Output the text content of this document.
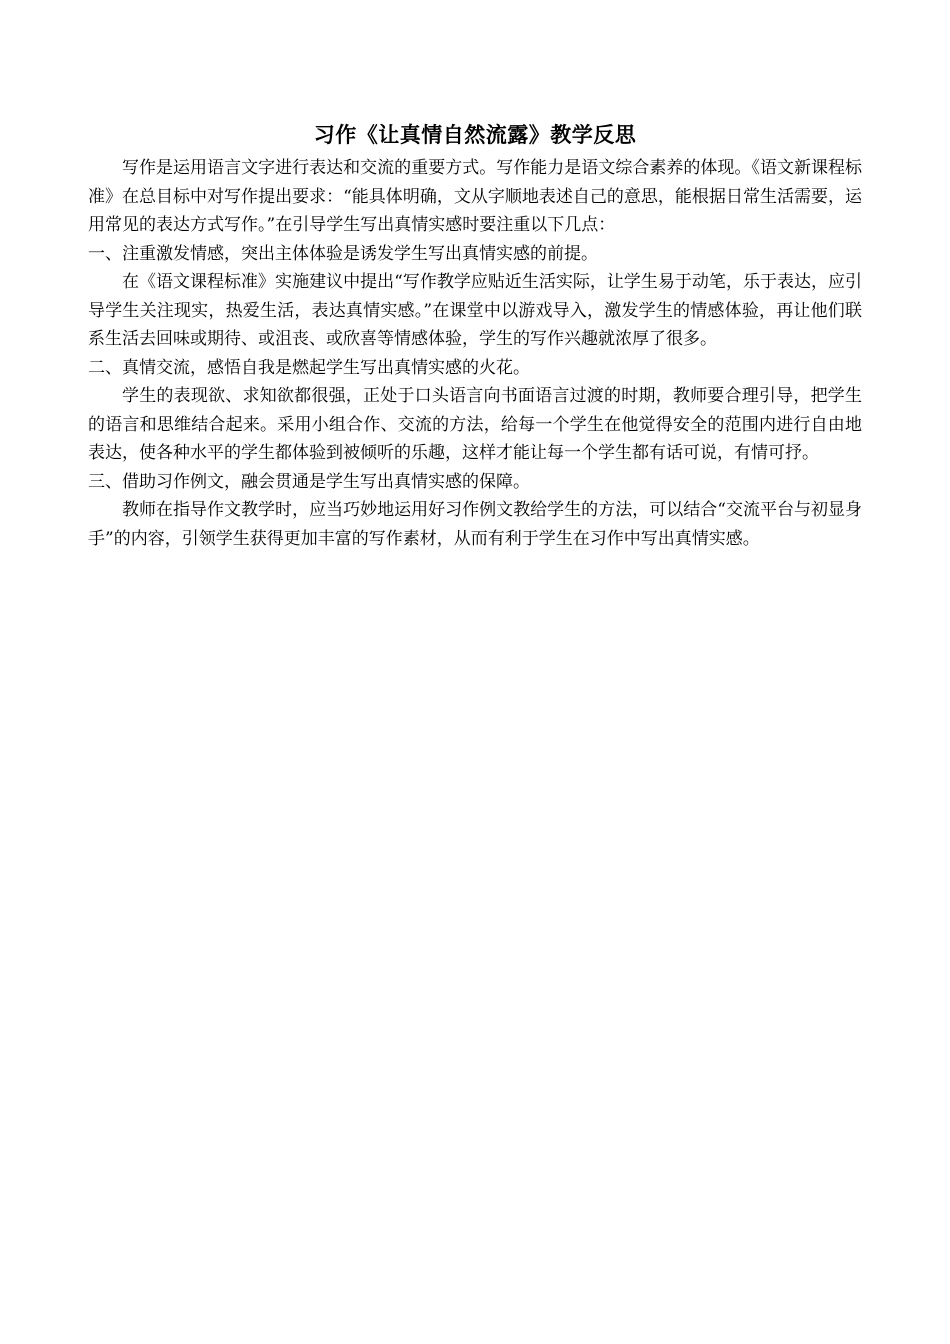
习作《让真情自然流露》教学反思

写作是运用语言文字进行表达和交流的重要方式。写作能力是语文综合素养的体现。《语文新课程标准》在总目标中对写作提出要求：“能具体明确，文从字顺地表述自己的意思，能根据日常生活需要，运用常见的表达方式写作。”在引导学生写出真情实感时要注重以下几点：

一、注重激发情感，突出主体体验是诱发学生写出真情实感的前提。

在《语文课程标准》实施建议中提出“写作教学应贴近生活实际，让学生易于动笔，乐于表达，应引导学生关注现实，热爱生活，表达真情实感。”在课堂中以游戏导入，激发学生的情感体验，再让他们联系生活去回味或期待、或沮丧、或欣喜等情感体验，学生的写作兴趣就浓厚了很多。

二、真情交流，感悟自我是燃起学生写出真情实感的火花。

学生的表现欲、求知欲都很强，正处于口头语言向书面语言过渡的时期，教师要合理引导，把学生的语言和思维结合起来。采用小组合作、交流的方法，给每一个学生在他觉得安全的范围内进行自由地表达，使各种水平的学生都体验到被倾听的乐趣，这样才能让每一个学生都有话可说，有情可抒。

三、借助习作例文，融会贯通是学生写出真情实感的保障。

教师在指导作文教学时，应当巧妙地运用好习作例文教给学生的方法，可以结合“交流平台与初显身手”的内容，引领学生获得更加丰富的写作素材，从而有利于学生在习作中写出真情实感。
